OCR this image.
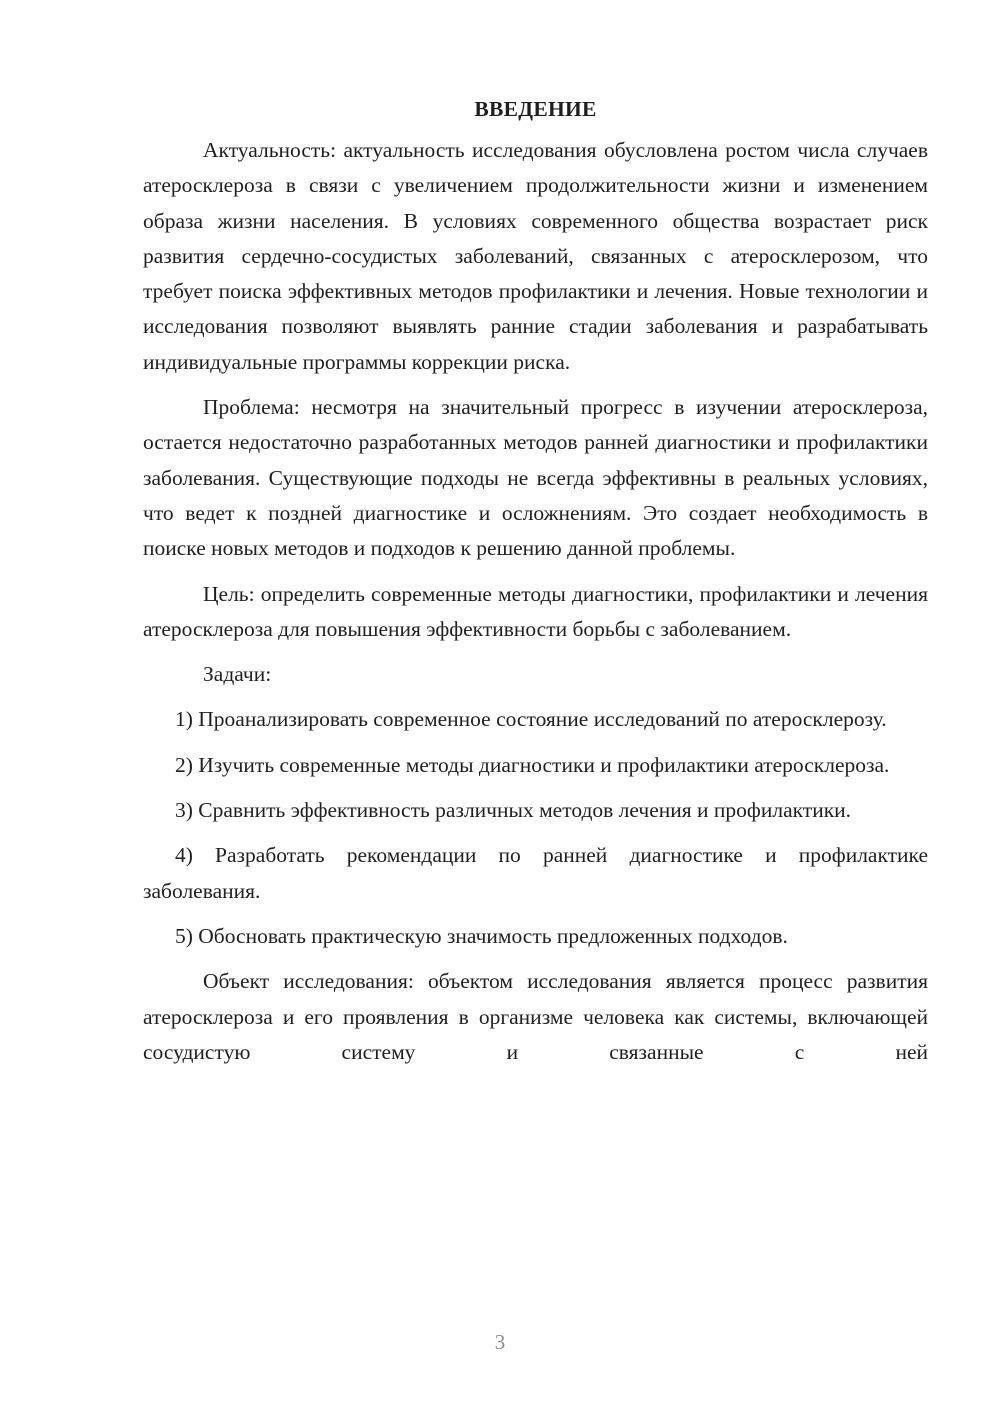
ВВЕДЕНИЕ

Актуальность: актуальность исследования обусловлена ростом числа случаев атеросклероза в связи с увеличением продолжительности жизни и изменением образа жизни населения. В условиях современного общества возрастает риск развития сердечно-сосудистых заболеваний, связанных с атеросклерозом, что требует поиска эффективных методов профилактики и лечения. Новые технологии и исследования позволяют выявлять ранние стадии заболевания и разрабатывать индивидуальные программы коррекции риска.

Проблема: несмотря на значительный прогресс в изучении атеросклероза, остается недостаточно разработанных методов ранней диагностики и профилактики заболевания. Существующие подходы не всегда эффективны в реальных условиях, что ведет к поздней диагностике и осложнениям. Это создает необходимость в поиске новых методов и подходов к решению данной проблемы.

Цель: определить современные методы диагностики, профилактики и лечения атеросклероза для повышения эффективности борьбы с заболеванием.

Задачи:

1) Проанализировать современное состояние исследований по атеросклерозу.

2) Изучить современные методы диагностики и профилактики атеросклероза.

3) Сравнить эффективность различных методов лечения и профилактики.

4) Разработать рекомендации по ранней диагностике и профилактике заболевания.

5) Обосновать практическую значимость предложенных подходов.

Объект исследования: объектом исследования является процесс развития атеросклероза и его проявления в организме человека как системы, включающей сосудистую систему и связанные с ней

3
